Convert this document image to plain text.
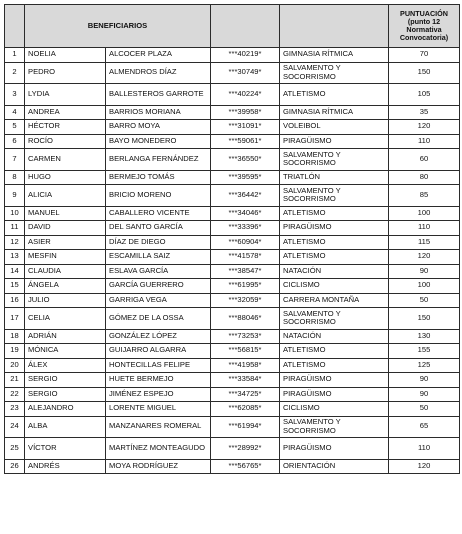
	BENEFICIARIOS				PUNTUACIÓN (punto 12 Normativa Convocatoria)
1	NOELIA	ALCOCER PLAZA	***40219*	GIMNASIA RÍTMICA	70
2	PEDRO	ALMENDROS DÍAZ	***30749*	SALVAMENTO Y SOCORRISMO	150
3	LYDIA	BALLESTEROS GARROTE	***40224*	ATLETISMO	105
4	ANDREA	BARRIOS MORIANA	***39958*	GIMNASIA RÍTMICA	35
5	HÉCTOR	BARRO MOYA	***31091*	VOLEIBOL	120
6	ROCÍO	BAYO MONEDERO	***59061*	PIRAGÜISMO	110
7	CARMEN	BERLANGA FERNÁNDEZ	***36550*	SALVAMENTO Y SOCORRISMO	60
8	HUGO	BERMEJO TOMÁS	***39595*	TRIATLÓN	80
9	ALICIA	BRICIO MORENO	***36442*	SALVAMENTO Y SOCORRISMO	85
10	MANUEL	CABALLERO VICENTE	***34046*	ATLETISMO	100
11	DAVID	DEL SANTO GARCÍA	***33396*	PIRAGÜISMO	110
12	ASIER	DÍAZ DE DIEGO	***60904*	ATLETISMO	115
13	MESFIN	ESCAMILLA SAIZ	***41578*	ATLETISMO	120
14	CLAUDIA	ESLAVA GARCÍA	***38547*	NATACIÓN	90
15	ÁNGELA	GARCÍA GUERRERO	***61995*	CICLISMO	100
16	JULIO	GARRIGA VEGA	***32059*	CARRERA MONTAÑA	50
17	CELIA	GÓMEZ DE LA OSSA	***88046*	SALVAMENTO Y SOCORRISMO	150
18	ADRIÁN	GONZÁLEZ LÓPEZ	***73253*	NATACIÓN	130
19	MÓNICA	GUIJARRO ALGARRA	***56815*	ATLETISMO	155
20	ÁLEX	HONTECILLAS FELIPE	***41958*	ATLETISMO	125
21	SERGIO	HUETE BERMEJO	***33584*	PIRAGÜISMO	90
22	SERGIO	JIMÉNEZ ESPEJO	***34725*	PIRAGÜISMO	90
23	ALEJANDRO	LORENTE MIGUEL	***62085*	CICLISMO	50
24	ALBA	MANZANARES ROMERAL	***61994*	SALVAMENTO Y SOCORRISMO	65
25	VÍCTOR	MARTÍNEZ MONTEAGUDO	***28992*	PIRAGÜISMO	110
26	ANDRÉS	MOYA RODRÍGUEZ	***56765*	ORIENTACIÓN	120
